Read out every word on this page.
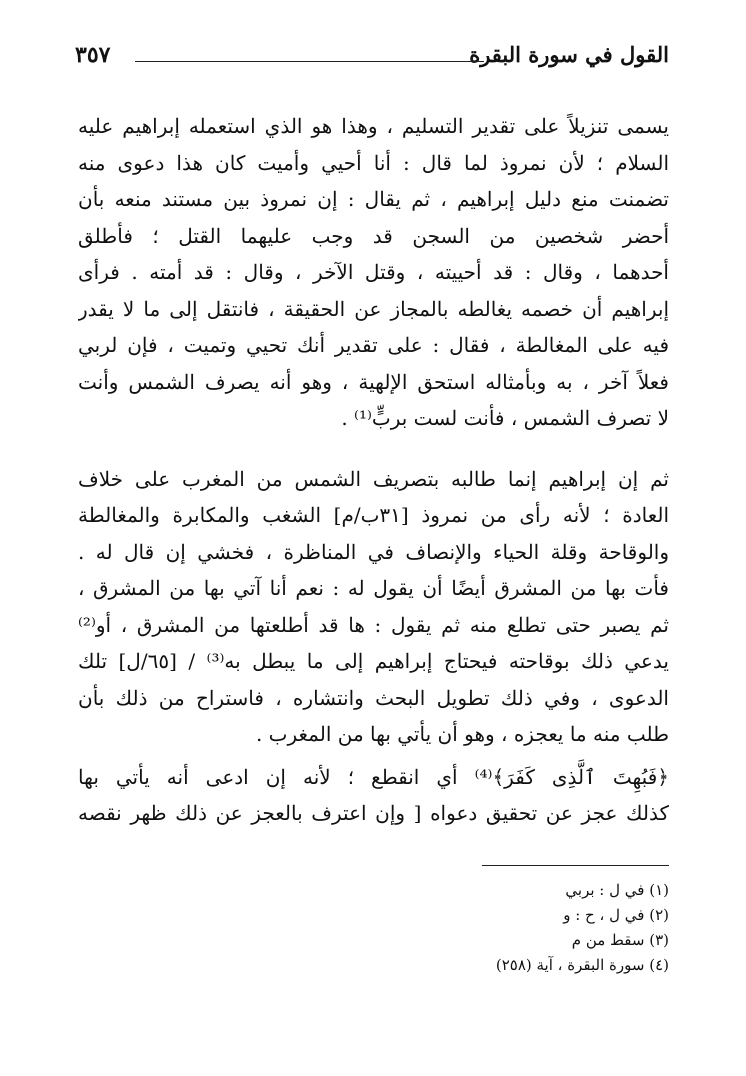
القول في سورة البقرة
٣٥٧
يسمى تنزيلاً على تقدير التسليم ، وهذا هو الذي استعمله إبراهيم عليه
السلام ؛ لأن نمروذ لما قال : أنا أحيي وأميت كان هذا دعوى منه
تضمنت منع دليل إبراهيم ، ثم يقال : إن نمروذ بين مستند منعه بأن
أحضر شخصين من السجن قد وجب عليهما القتل ؛ فأطلق
أحدهما ، وقال : قد أحييته ، وقتل الآخر ، وقال : قد أمته . فرأى
إبراهيم أن خصمه يغالطه بالمجاز عن الحقيقة ، فانتقل إلى ما لا يقدر
فيه على المغالطة ، فقال : على تقدير أنك تحيي وتميت ، فإن لربي
فعلاً آخر ، به وبأمثاله استحق الإلهية ، وهو أنه يصرف الشمس وأنت
لا تصرف الشمس ، فأنت لست بربٍّ⁽¹⁾ .
ثم إن إبراهيم إنما طالبه بتصريف الشمس من المغرب على خلاف
العادة ؛ لأنه رأى من نمروذ [٣١ب/م] الشغب والمكابرة والمغالطة
والوقاحة وقلة الحياء والإنصاف في المناظرة ، فخشي إن قال له .
فأت بها من المشرق أيضًا أن يقول له : نعم أنا آتي بها من المشرق ،
ثم يصبر حتى تطلع منه ثم يقول : ها قد أطلعتها من المشرق ، أو⁽²⁾
يدعي ذلك بوقاحته فيحتاج إبراهيم إلى ما يبطل به⁽³⁾ / [٦٥/ل] تلك
الدعوى ، وفي ذلك تطويل البحث وانتشاره ، فاستراح من ذلك بأن
طلب منه ما يعجزه ، وهو أن يأتي بها من المغرب .
﴿فَبُهِتَ ٱلَّذِى كَفَرَ﴾⁽⁴⁾ أي انقطع ؛ لأنه إن ادعى أنه يأتي بها
كذلك عجز عن تحقيق دعواه [ وإن اعترف بالعجز عن ذلك ظهر نقصه
(١) في ل : بربي
(٢) في ل ، ح : و
(٣) سقط من م
(٤) سورة البقرة ، آية (٢٥٨)
